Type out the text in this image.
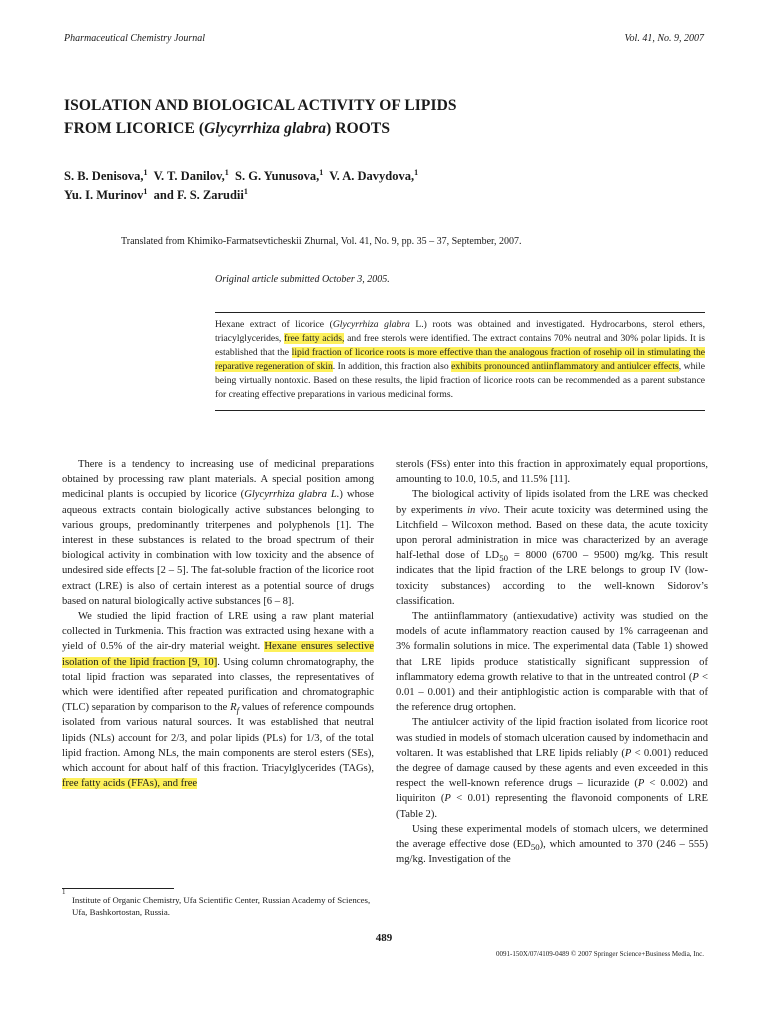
Pharmaceutical Chemistry Journal	Vol. 41, No. 9, 2007
ISOLATION AND BIOLOGICAL ACTIVITY OF LIPIDS
FROM LICORICE (Glycyrrhiza glabra) ROOTS
S. B. Denisova,$^1$ V. T. Danilov,$^1$ S. G. Yunusova,$^1$ V. A. Davydova,$^1$
Yu. I. Murinov$^1$ and F. S. Zarudii$^1$
Translated from Khimiko-Farmatsevticheskii Zhurnal, Vol. 41, No. 9, pp. 35 – 37, September, 2007.
Original article submitted October 3, 2005.
Hexane extract of licorice (Glycyrrhiza glabra L.) roots was obtained and investigated. Hydrocarbons, sterol ethers, triacylglycerides, free fatty acids, and free sterols were identified. The extract contains 70% neutral and 30% polar lipids. It is established that the lipid fraction of licorice roots is more effective than the analogous fraction of rosehip oil in stimulating the reparative regeneration of skin. In addition, this fraction also exhibits pronounced antiinflammatory and antiulcer effects, while being virtually nontoxic. Based on these results, the lipid fraction of licorice roots can be recommended as a parent substance for creating effective preparations in various medicinal forms.

There is a tendency to increasing use of medicinal preparations obtained by processing raw plant materials. A special position among medicinal plants is occupied by licorice (Glycyrrhiza glabra L.) whose aqueous extracts contain biologically active substances belonging to various groups, predominantly triterpenes and polyphenols [1]. The interest in these substances is related to the broad spectrum of their biological activity in combination with low toxicity and the absence of undesired side effects [2 – 5]. The fat-soluble fraction of the licorice root extract (LRE) is also of certain interest as a potential source of drugs based on natural biologically active substances [6 – 8].

We studied the lipid fraction of LRE using a raw plant material collected in Turkmenia. This fraction was extracted using hexane with a yield of 0.5% of the air-dry material weight. Hexane ensures selective isolation of the lipid fraction [9, 10]. Using column chromatography, the total lipid fraction was separated into classes, the representatives of which were identified after repeated purification and chromatographic (TLC) separation by comparison to the $R_f$ values of reference compounds isolated from various natural sources. It was established that neutral lipids (NLs) account for 2/3, and polar lipids (PLs) for 1/3, of the total lipid fraction. Among NLs, the main components are sterol esters (SEs), which account for about half of this fraction. Triacylglycerides (TAGs), free fatty acids (FFAs), and free

sterols (FSs) enter into this fraction in approximately equal proportions, amounting to 10.0, 10.5, and 11.5% [11].

The biological activity of lipids isolated from the LRE was checked by experiments in vivo. Their acute toxicity was determined using the Litchfield – Wilcoxon method. Based on these data, the acute toxicity upon peroral administration in mice was characterized by an average half-lethal dose of $LD_{50} = 8000$ (6700 – 9500) mg/kg. This result indicates that the lipid fraction of the LRE belongs to group IV (low-toxicity substances) according to the well-known Sidorov’s classification.

The antiinflammatory (antiexudative) activity was studied on the models of acute inflammatory reaction caused by 1% carrageenan and 3% formalin solutions in mice. The experimental data (Table 1) showed that LRE lipids produce statistically significant suppression of inflammatory edema growth relative to that in the untreated control (P < 0.01 – 0.001) and their antiphlogistic action is comparable with that of the reference drug ortophen.

The antiulcer activity of the lipid fraction isolated from licorice root was studied in models of stomach ulceration caused by indomethacin and voltaren. It was established that LRE lipids reliably (P < 0.001) reduced the degree of damage caused by these agents and even exceeded in this respect the well-known reference drugs – licurazide (P < 0.002) and liquiriton (P < 0.01) representing the flavonoid components of LRE (Table 2).

Using these experimental models of stomach ulcers, we determined the average effective dose $(ED_{50})$, which amounted to 370 (246 – 555) mg/kg. Investigation of the

1
Institute of Organic Chemistry, Ufa Scientific Center, Russian Academy of Sciences, Ufa, Bashkortostan, Russia.
489
0091-150X/07/4109-0489 © 2007 Springer Science+Business Media, Inc.
